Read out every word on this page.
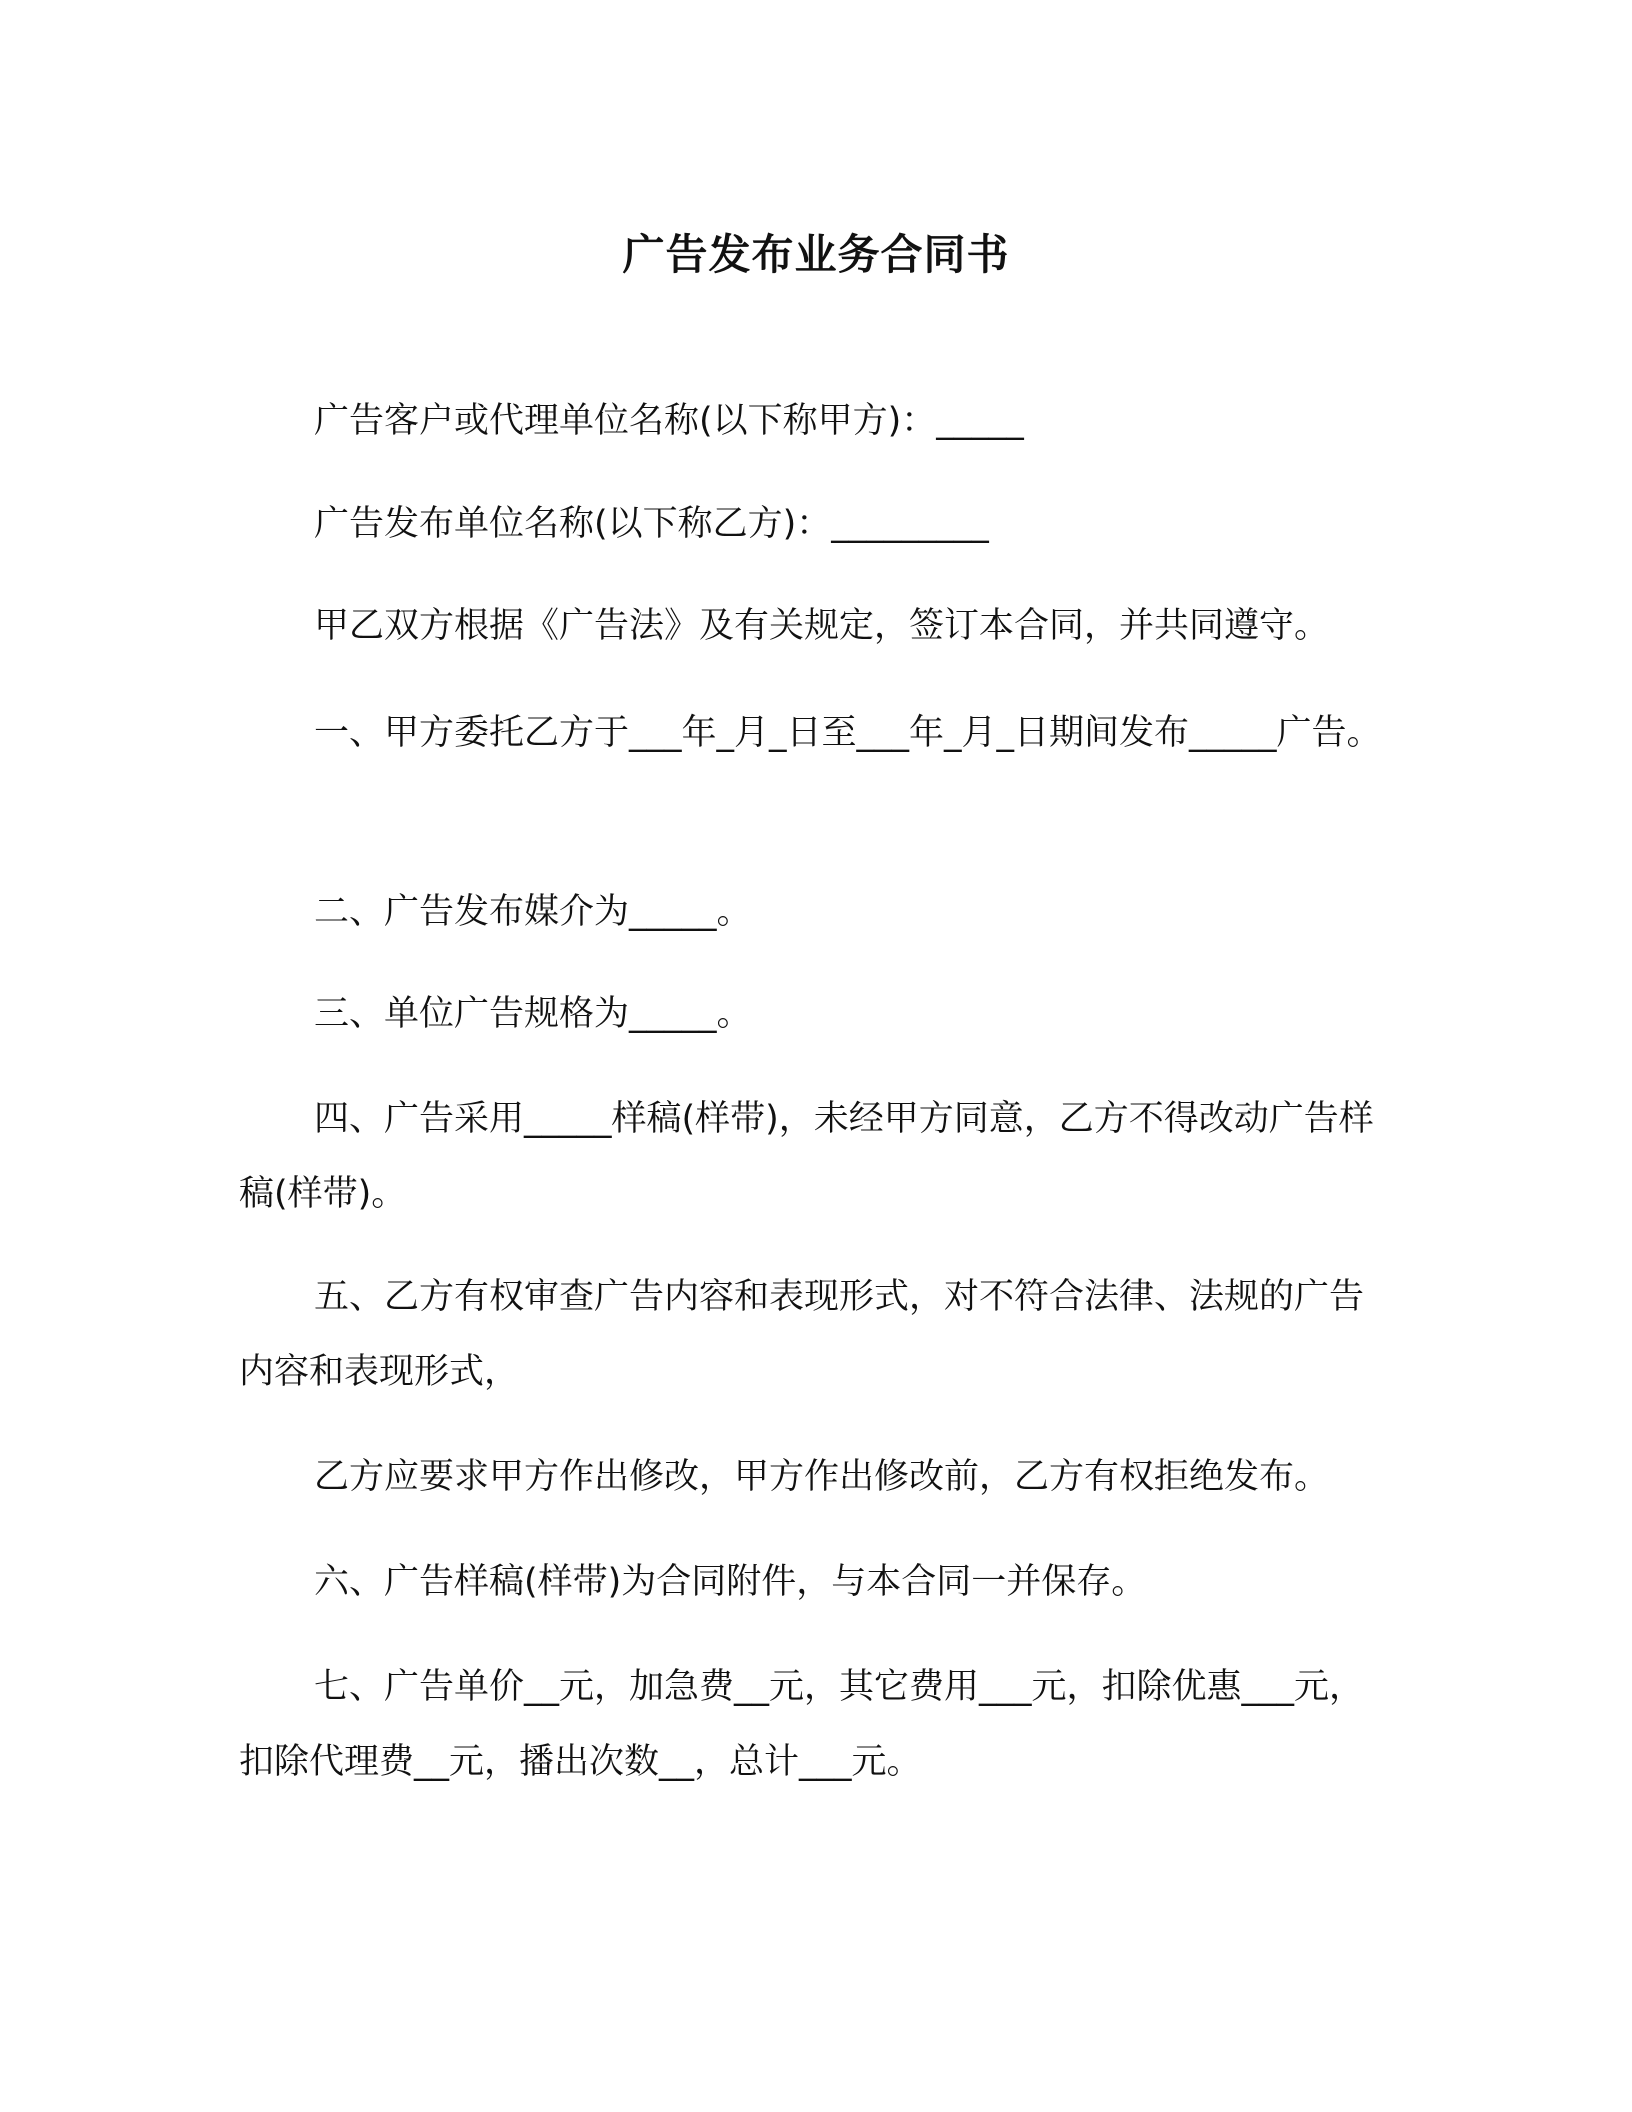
广告发布业务合同书

广告客户或代理单位名称(以下称甲方)：_____

广告发布单位名称(以下称乙方)：_________

甲乙双方根据《广告法》及有关规定，签订本合同，并共同遵守。

一、甲方委托乙方于___年_月_日至___年_月_日期间发布_____广告。

二、广告发布媒介为_____。

三、单位广告规格为_____。

四、广告采用_____样稿(样带)，未经甲方同意，乙方不得改动广告样稿(样带)。

五、乙方有权审查广告内容和表现形式，对不符合法律、法规的广告内容和表现形式，

乙方应要求甲方作出修改，甲方作出修改前，乙方有权拒绝发布。

六、广告样稿(样带)为合同附件，与本合同一并保存。

七、广告单价__元，加急费__元，其它费用___元，扣除优惠___元，扣除代理费__元，播出次数__，总计___元。
